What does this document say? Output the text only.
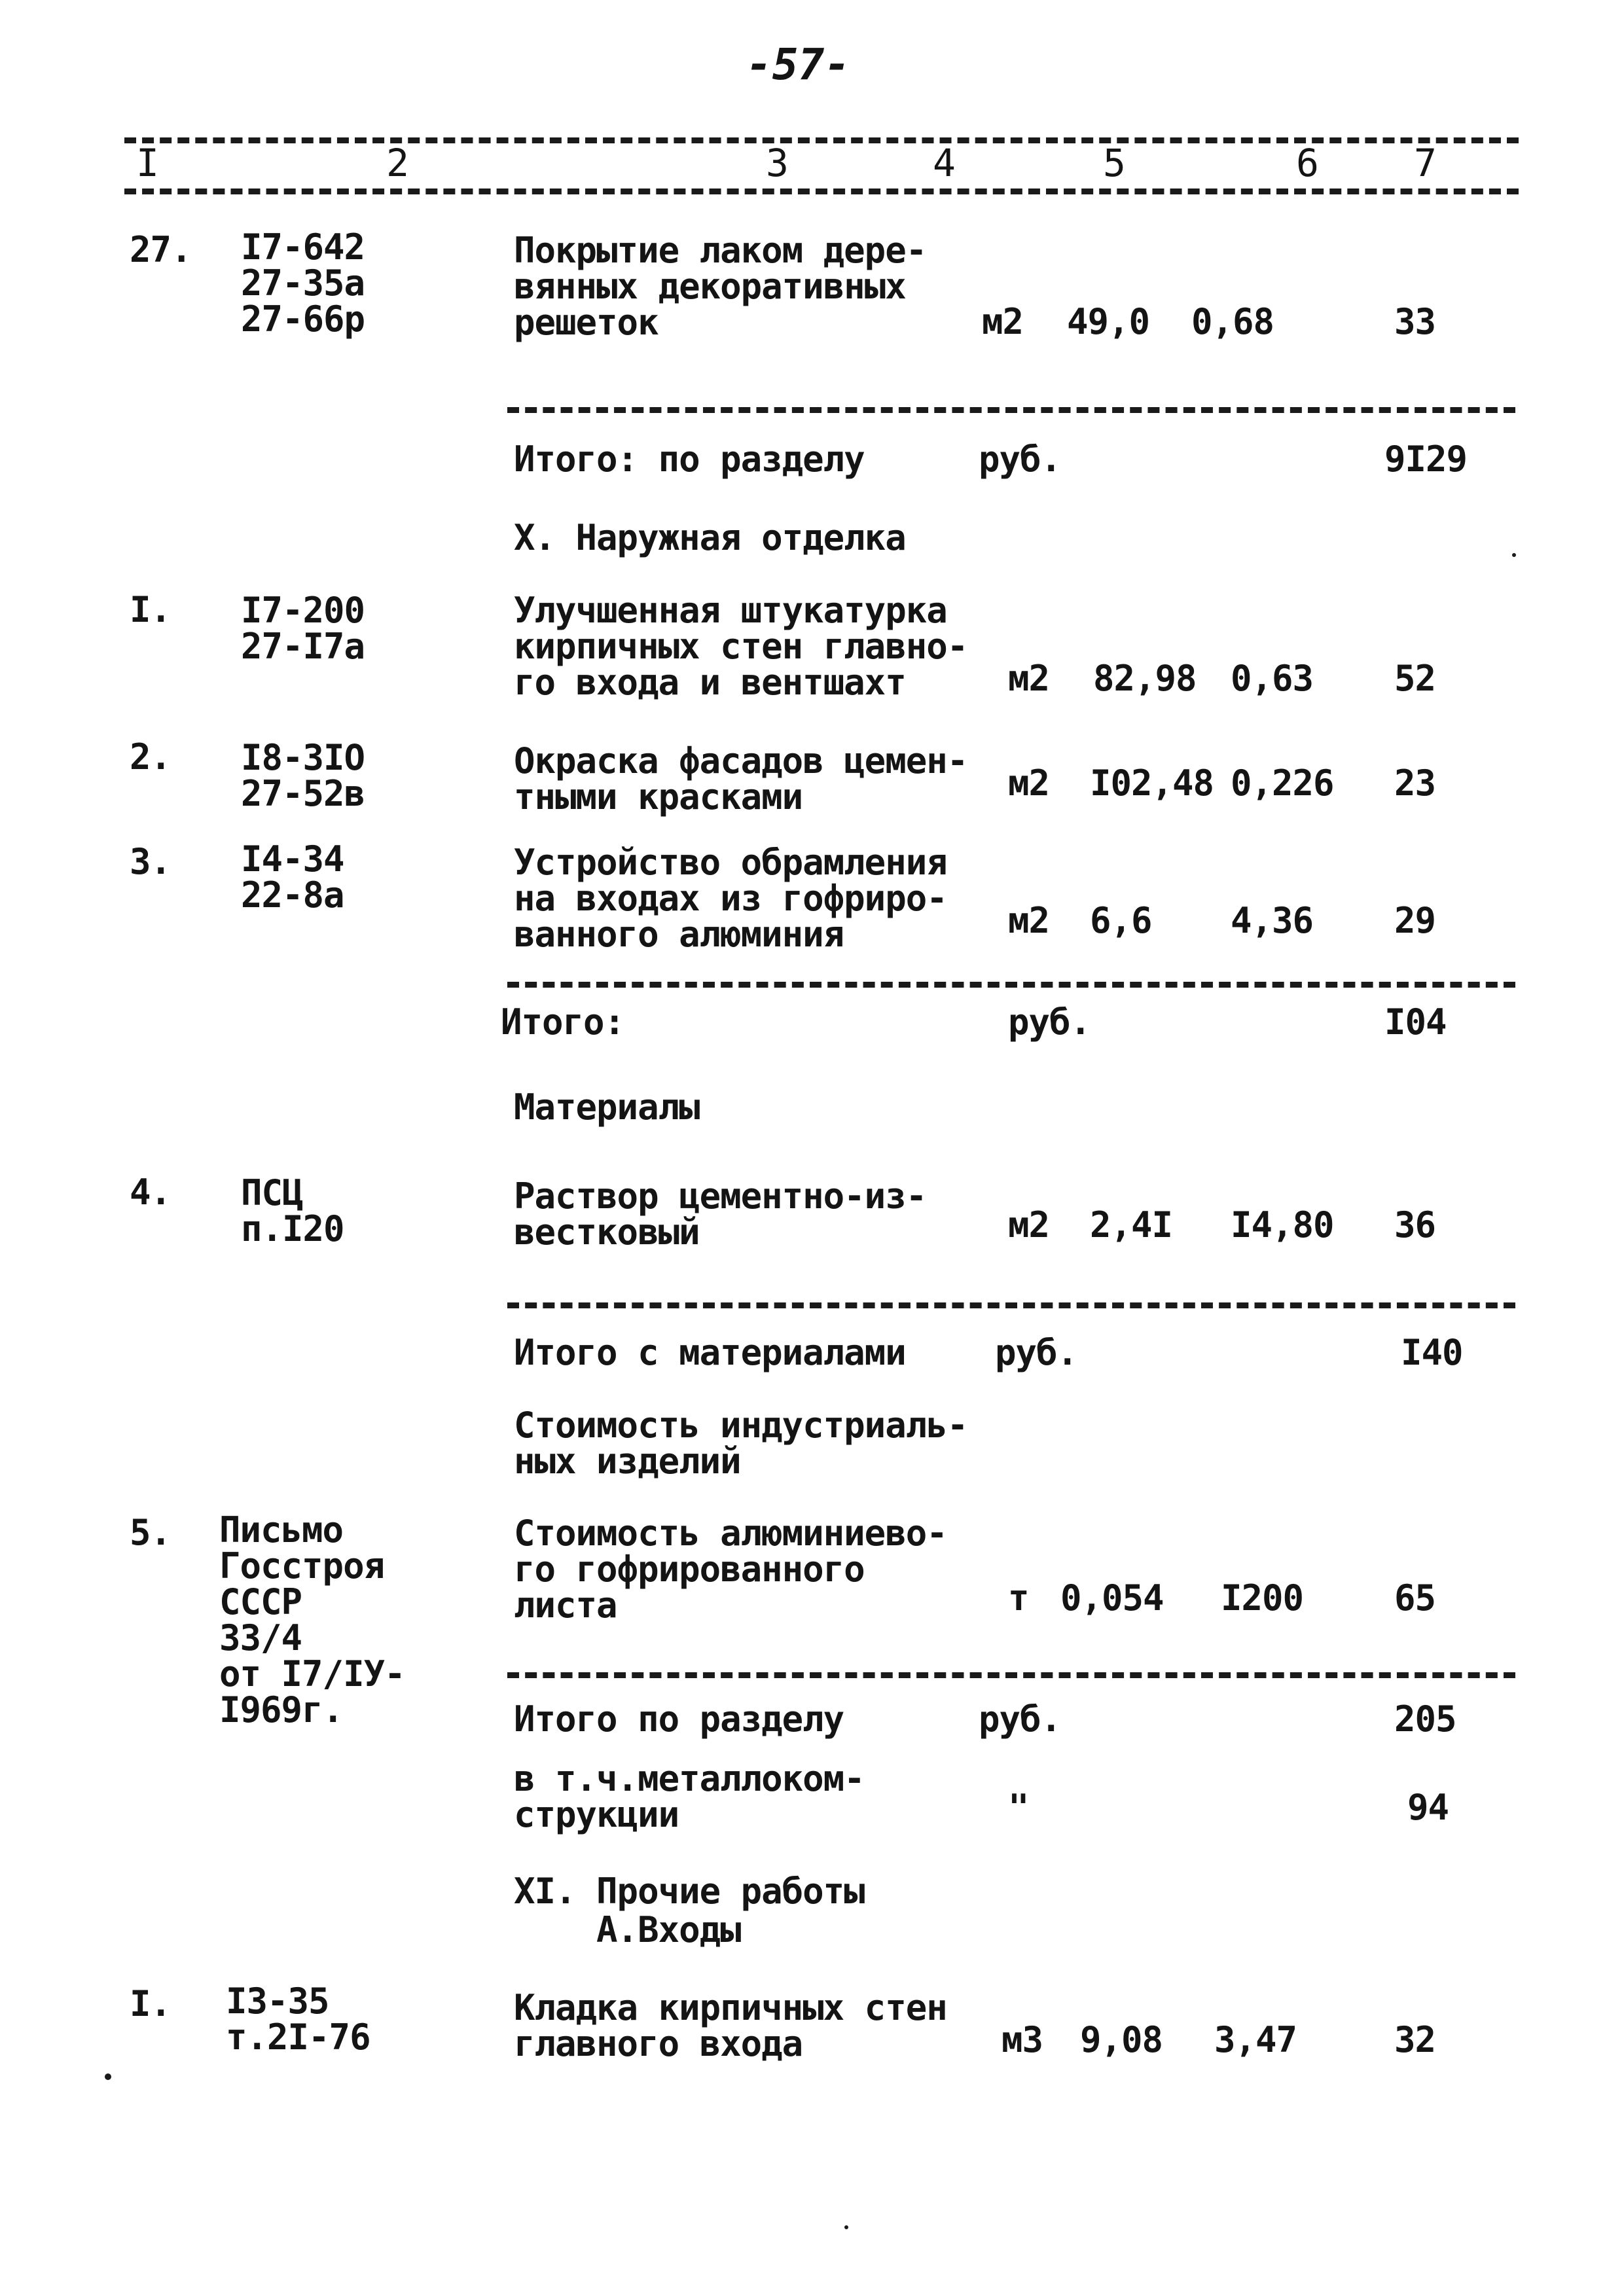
-57-
I	2	3	4	5	6	7
27. I7-642
27-35a
27-66р
Покрытие лаком дере-
вянных декоративных
решеток	м2 49,0 0,68	33
Итого: по разделу	руб.	9I29
X. Наружная отделка
I. I7-200
27-I7a
Улучшенная штукатурка
кирпичных стен главно-
го входа и вентшахт	м2 82,98 0,63 52
2. I8-3IO
27-52в
Окраска фасадов цемен-
тными красками	м2 I02,48 0,226 23
3. I4-34
22-8a
Устройство обрамления
на входах из гофриро-
ванного алюминия	м2 6,6 4,36 29
Итого:	руб.	I04
Материалы
4. ПСЦ
п.I20
Раствор цементно-из-
вестковый	м2 2,4I I4,80 36
Итого с материалами	руб.	I40
Стоимость индустриаль-
ных изделий
5. Письмо
Госстроя
СССР
33/4
от I7/IУ-
I969г.
Стоимость алюминиево-
го гофрированного
листа	т 0,054 I200	65
Итого по разделу	руб.	205
в т.ч.металлоком-
струкции	"	94
XI. Прочие работы
А.Входы
I. I3-35
т.2I-76
Кладка кирпичных стен
главного входа	м3 9,08 3,47	32
